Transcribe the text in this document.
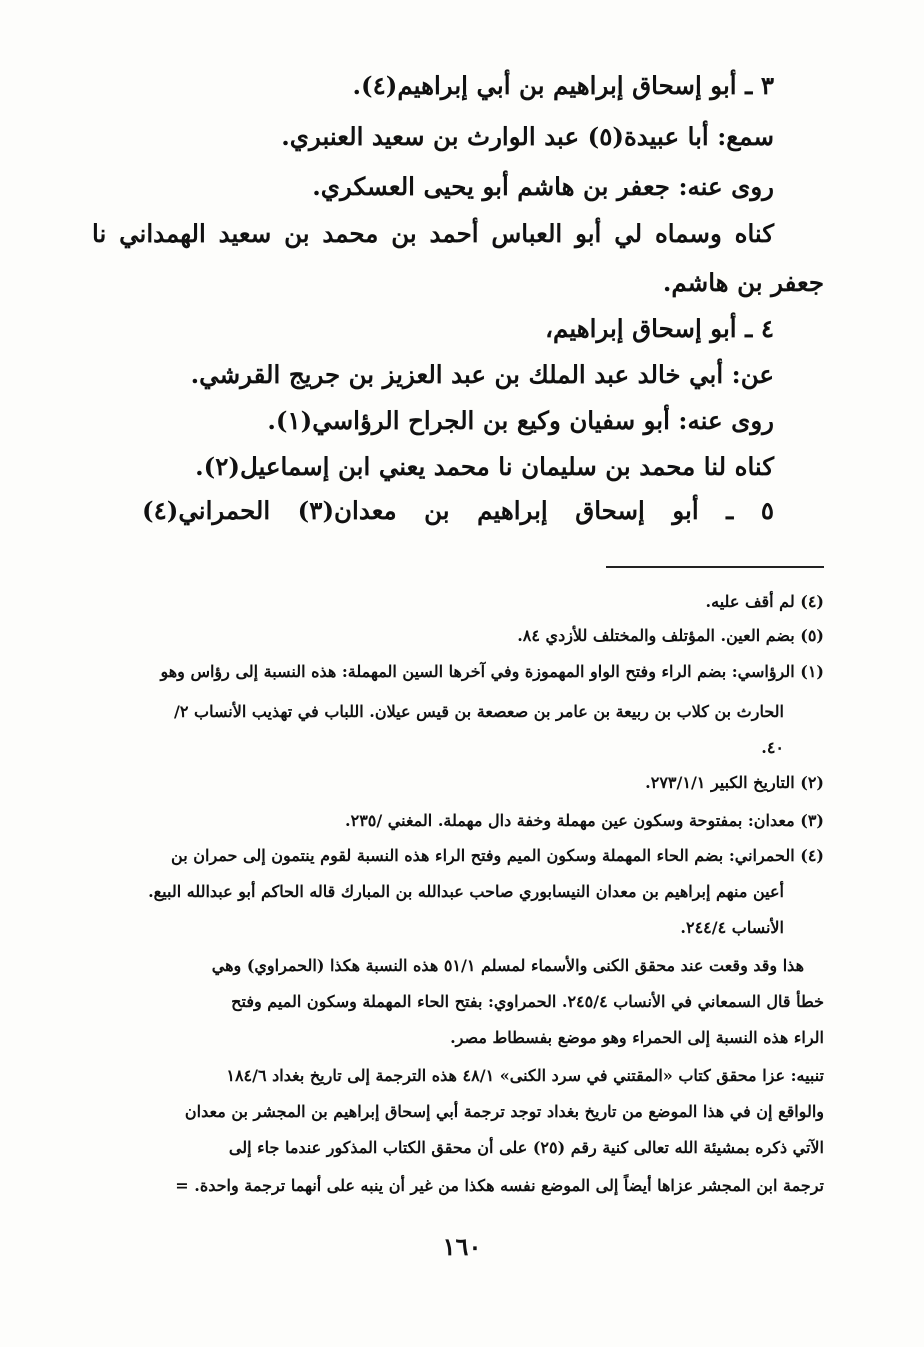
٣ ـ أبو إسحاق إبراهيم بن أبي إبراهيم(٤).
سمع: أبا عبيدة(٥) عبد الوارث بن سعيد العنبري.
روى عنه: جعفر بن هاشم أبو يحيى العسكري.
كناه وسماه لي أبو العباس أحمد بن محمد بن سعيد الهمداني نا
جعفر بن هاشم.
٤ ـ أبو إسحاق إبراهيم،
عن: أبي خالد عبد الملك بن عبد العزيز بن جريج القرشي.
روى عنه: أبو سفيان وكيع بن الجراح الرؤاسي(١).
كناه لنا محمد بن سليمان نا محمد يعني ابن إسماعيل(٢).
٥ ـ أبو إسحاق إبراهيم بن معدان(٣) الحمراني(٤)
(٤) لم أقف عليه.
(٥) بضم العين. المؤتلف والمختلف للأزدي ٨٤.
(١) الرؤاسي: بضم الراء وفتح الواو المهموزة وفي آخرها السين المهملة: هذه النسبة إلى رؤاس وهو
الحارث بن كلاب بن ربيعة بن عامر بن صعصعة بن قيس عيلان. اللباب في تهذيب الأنساب ٢/
٤٠.
(٢) التاريخ الكبير ٢٧٣/١/١.
(٣) معدان: بمفتوحة وسكون عين مهملة وخفة دال مهملة. المغني /٢٣٥.
(٤) الحمراني: بضم الحاء المهملة وسكون الميم وفتح الراء هذه النسبة لقوم ينتمون إلى حمران بن
أعين منهم إبراهيم بن معدان النيسابوري صاحب عبدالله بن المبارك قاله الحاكم أبو عبدالله البيع.
الأنساب ٢٤٤/٤.
هذا وقد وقعت عند محقق الكنى والأسماء لمسلم ٥١/١ هذه النسبة هكذا (الحمراوي) وهي
خطأ قال السمعاني في الأنساب ٢٤٥/٤. الحمراوي: بفتح الحاء المهملة وسكون الميم وفتح
الراء هذه النسبة إلى الحمراء وهو موضع بفسطاط مصر.
تنبيه: عزا محقق كتاب «المقتني في سرد الكنى» ٤٨/١ هذه الترجمة إلى تاريخ بغداد ١٨٤/٦
والواقع إن في هذا الموضع من تاريخ بغداد توجد ترجمة أبي إسحاق إبراهيم بن المجشر بن معدان
الآتي ذكره بمشيئة الله تعالى كنية رقم (٢٥) على أن محقق الكتاب المذكور عندما جاء إلى
ترجمة ابن المجشر عزاها أيضاً إلى الموضع نفسه هكذا من غير أن ينبه على أنهما ترجمة واحدة. =
١٦٠
